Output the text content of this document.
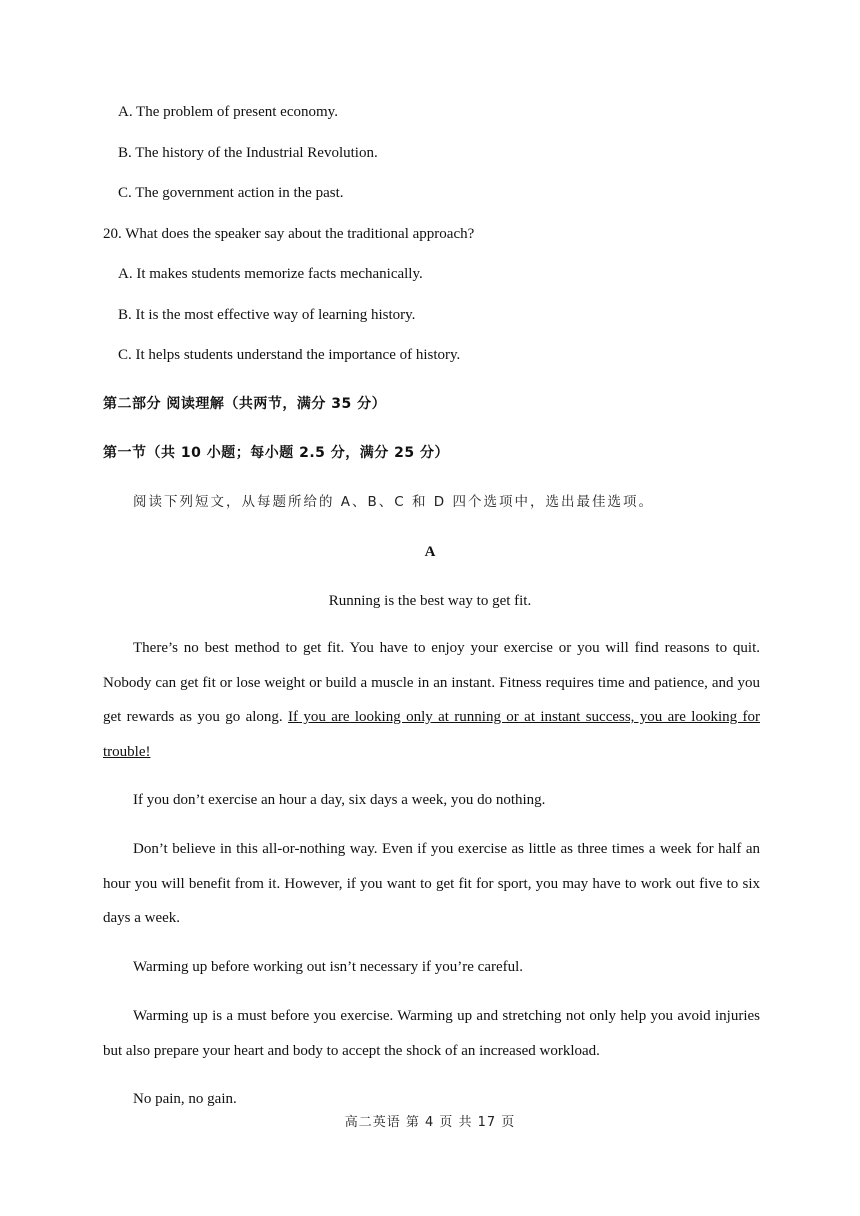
A. The problem of present economy.
B. The history of the Industrial Revolution.
C. The government action in the past.
20. What does the speaker say about the traditional approach?
A. It makes students memorize facts mechanically.
B. It is the most effective way of learning history.
C. It helps students understand the importance of history.
第二部分 阅读理解（共两节，满分 35 分）
第一节（共 10 小题；每小题 2.5 分，满分 25 分）
阅读下列短文，从每题所给的 A、B、C 和 D 四个选项中，选出最佳选项。
A
Running is the best way to get fit.
There’s no best method to get fit. You have to enjoy your exercise or you will find reasons to quit. Nobody can get fit or lose weight or build a muscle in an instant. Fitness requires time and patience, and you get rewards as you go along. If you are looking only at running or at instant success, you are looking for trouble!
If you don’t exercise an hour a day, six days a week, you do nothing.
Don’t believe in this all-or-nothing way. Even if you exercise as little as three times a week for half an hour you will benefit from it. However, if you want to get fit for sport, you may have to work out five to six days a week.
Warming up before working out isn’t necessary if you’re careful.
Warming up is a must before you exercise. Warming up and stretching not only help you avoid injuries but also prepare your heart and body to accept the shock of an increased workload.
No pain, no gain.
高二英语 第 4 页 共 17 页
